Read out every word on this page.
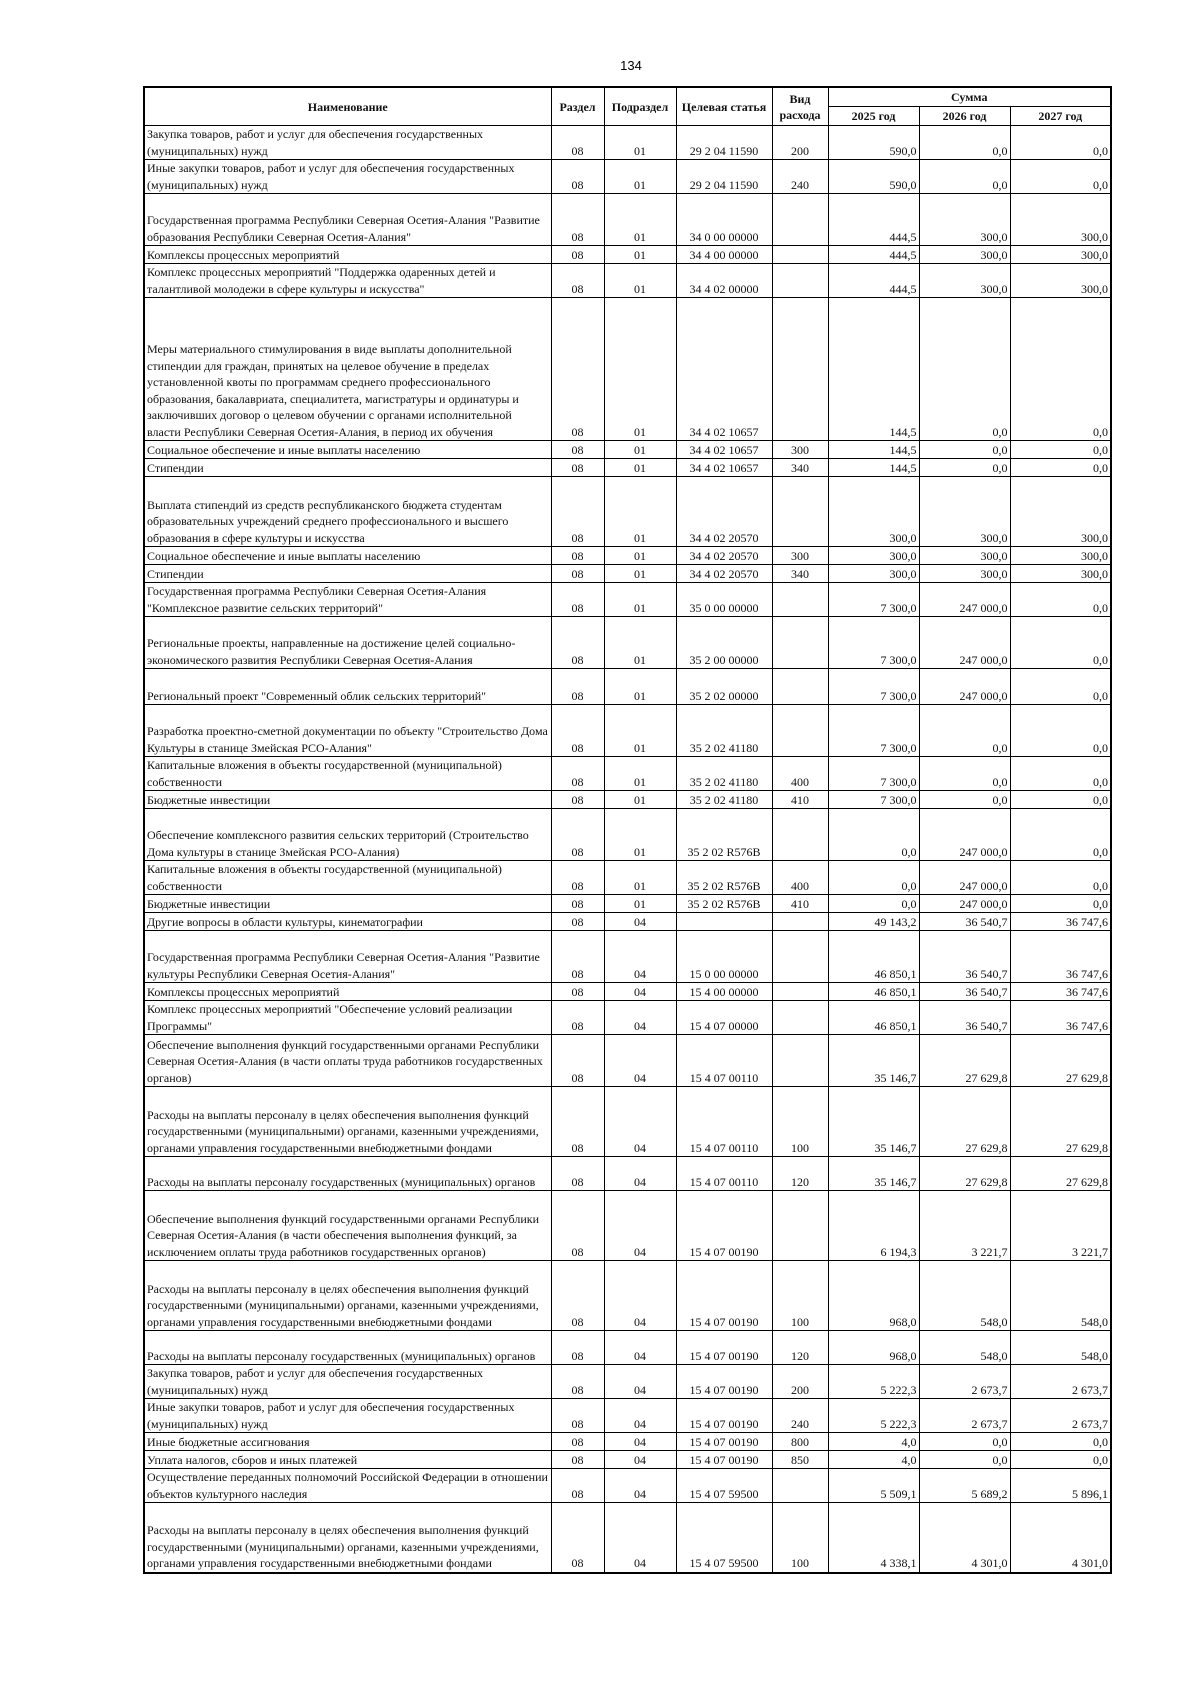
134
Наименование	Раздел	Подраздел	Целевая статья	Вид расхода	Сумма		
					2025 год	2026 год	2027 год
Закупка товаров, работ и услуг для обеспечения государственных (муниципальных) нужд	08	01	29 2 04 11590	200	590,0	0,0	0,0
Иные закупки товаров, работ и услуг для обеспечения государственных (муниципальных) нужд	08	01	29 2 04 11590	240	590,0	0,0	0,0
Государственная программа Республики Северная Осетия-Алания "Развитие образования Республики Северная Осетия-Алания"	08	01	34 0 00 00000		444,5	300,0	300,0
Комплексы процессных мероприятий	08	01	34 4 00 00000		444,5	300,0	300,0
Комплекс процессных мероприятий "Поддержка одаренных детей и талантливой молодежи в сфере культуры и искусства"	08	01	34 4 02 00000		444,5	300,0	300,0
Меры материального стимулирования в виде выплаты дополнительной стипендии для граждан, принятых на целевое обучение в пределах установленной квоты по программам среднего профессионального образования, бакалавриата, специалитета, магистратуры и ординатуры и заключивших договор о целевом обучении с органами исполнительной власти Республики Северная Осетия-Алания, в период их обучения	08	01	34 4 02 10657		144,5	0,0	0,0
Социальное обеспечение и иные выплаты населению	08	01	34 4 02 10657	300	144,5	0,0	0,0
Стипендии	08	01	34 4 02 10657	340	144,5	0,0	0,0
Выплата стипендий из средств республиканского бюджета студентам образовательных учреждений среднего профессионального и высшего образования в сфере культуры и искусства	08	01	34 4 02 20570		300,0	300,0	300,0
Социальное обеспечение и иные выплаты населению	08	01	34 4 02 20570	300	300,0	300,0	300,0
Стипендии	08	01	34 4 02 20570	340	300,0	300,0	300,0
Государственная программа Республики Северная Осетия-Алания "Комплексное развитие сельских территорий"	08	01	35 0 00 00000		7 300,0	247 000,0	0,0
Региональные проекты, направленные на достижение целей социально-экономического развития Республики Северная Осетия-Алания	08	01	35 2 00 00000		7 300,0	247 000,0	0,0
Региональный проект "Современный облик сельских территорий"	08	01	35 2 02 00000		7 300,0	247 000,0	0,0
Разработка проектно-сметной документации по объекту "Строительство Дома Культуры в станице Змейская РСО-Алания"	08	01	35 2 02 41180		7 300,0	0,0	0,0
Капитальные вложения в объекты государственной (муниципальной) собственности	08	01	35 2 02 41180	400	7 300,0	0,0	0,0
Бюджетные инвестиции	08	01	35 2 02 41180	410	7 300,0	0,0	0,0
Обеспечение комплексного развития сельских территорий (Строительство Дома культуры в станице Змейская РСО-Алания)	08	01	35 2 02 R576B		0,0	247 000,0	0,0
Капитальные вложения в объекты государственной (муниципальной) собственности	08	01	35 2 02 R576B	400	0,0	247 000,0	0,0
Бюджетные инвестиции	08	01	35 2 02 R576B	410	0,0	247 000,0	0,0
Другие вопросы в области культуры, кинематографии	08	04			49 143,2	36 540,7	36 747,6
Государственная программа Республики Северная Осетия-Алания "Развитие культуры Республики Северная Осетия-Алания"	08	04	15 0 00 00000		46 850,1	36 540,7	36 747,6
Комплексы процессных мероприятий	08	04	15 4 00 00000		46 850,1	36 540,7	36 747,6
Комплекс процессных мероприятий "Обеспечение условий реализации Программы"	08	04	15 4 07 00000		46 850,1	36 540,7	36 747,6
Обеспечение выполнения функций государственными органами Республики Северная Осетия-Алания (в части оплаты труда работников государственных органов)	08	04	15 4 07 00110		35 146,7	27 629,8	27 629,8
Расходы на выплаты персоналу в целях обеспечения выполнения функций государственными (муниципальными) органами, казенными учреждениями, органами управления государственными внебюджетными фондами	08	04	15 4 07 00110	100	35 146,7	27 629,8	27 629,8
Расходы на выплаты персоналу государственных (муниципальных) органов	08	04	15 4 07 00110	120	35 146,7	27 629,8	27 629,8
Обеспечение выполнения функций государственными органами Республики Северная Осетия-Алания (в части обеспечения выполнения функций, за исключением оплаты труда работников государственных органов)	08	04	15 4 07 00190		6 194,3	3 221,7	3 221,7
Расходы на выплаты персоналу в целях обеспечения выполнения функций государственными (муниципальными) органами, казенными учреждениями, органами управления государственными внебюджетными фондами	08	04	15 4 07 00190	100	968,0	548,0	548,0
Расходы на выплаты персоналу государственных (муниципальных) органов	08	04	15 4 07 00190	120	968,0	548,0	548,0
Закупка товаров, работ и услуг для обеспечения государственных (муниципальных) нужд	08	04	15 4 07 00190	200	5 222,3	2 673,7	2 673,7
Иные закупки товаров, работ и услуг для обеспечения государственных (муниципальных) нужд	08	04	15 4 07 00190	240	5 222,3	2 673,7	2 673,7
Иные бюджетные ассигнования	08	04	15 4 07 00190	800	4,0	0,0	0,0
Уплата налогов, сборов и иных платежей	08	04	15 4 07 00190	850	4,0	0,0	0,0
Осуществление переданных полномочий Российской Федерации в отношении объектов культурного наследия	08	04	15 4 07 59500		5 509,1	5 689,2	5 896,1
Расходы на выплаты персоналу в целях обеспечения выполнения функций государственными (муниципальными) органами, казенными учреждениями, органами управления государственными внебюджетными фондами	08	04	15 4 07 59500	100	4 338,1	4 301,0	4 301,0
